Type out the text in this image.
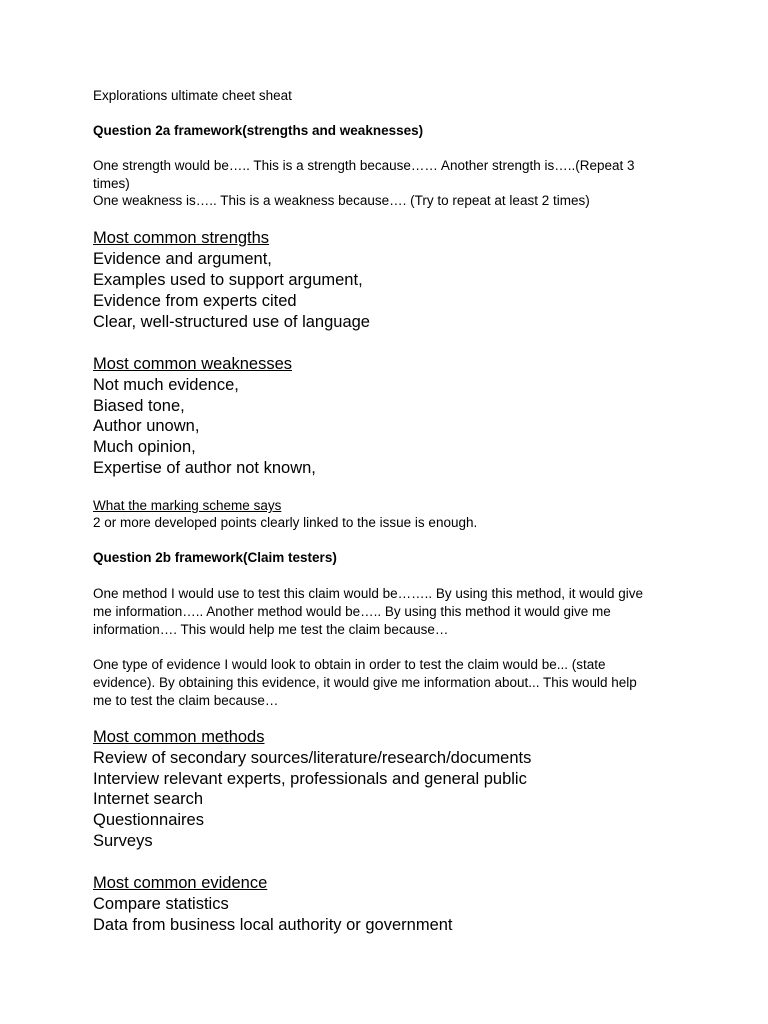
Explorations ultimate cheet sheat

Question 2a framework(strengths and weaknesses)

One strength would be….. This is a strength because…… Another strength is…..(Repeat 3

times)

One weakness is….. This is a weakness because…. (Try to repeat at least 2 times)

Most common strengths

Evidence and argument,

Examples used to support argument,

Evidence from experts cited

Clear, well-structured use of language

Most common weaknesses

Not much evidence,

Biased tone,

Author unown,

Much opinion,

Expertise of author not known,

What the marking scheme says

2 or more developed points clearly linked to the issue is enough.

Question 2b framework(Claim testers)

One method I would use to test this claim would be…….. By using this method, it would give

me information….. Another method would be….. By using this method it would give me

information…. This would help me test the claim because…

One type of evidence I would look to obtain in order to test the claim would be... (state

evidence). By obtaining this evidence, it would give me information about... This would help

me to test the claim because…

Most common methods

Review of secondary sources/literature/research/documents

Interview relevant experts, professionals and general public

Internet search

Questionnaires

Surveys

Most common evidence

Compare statistics

Data from business local authority or government
